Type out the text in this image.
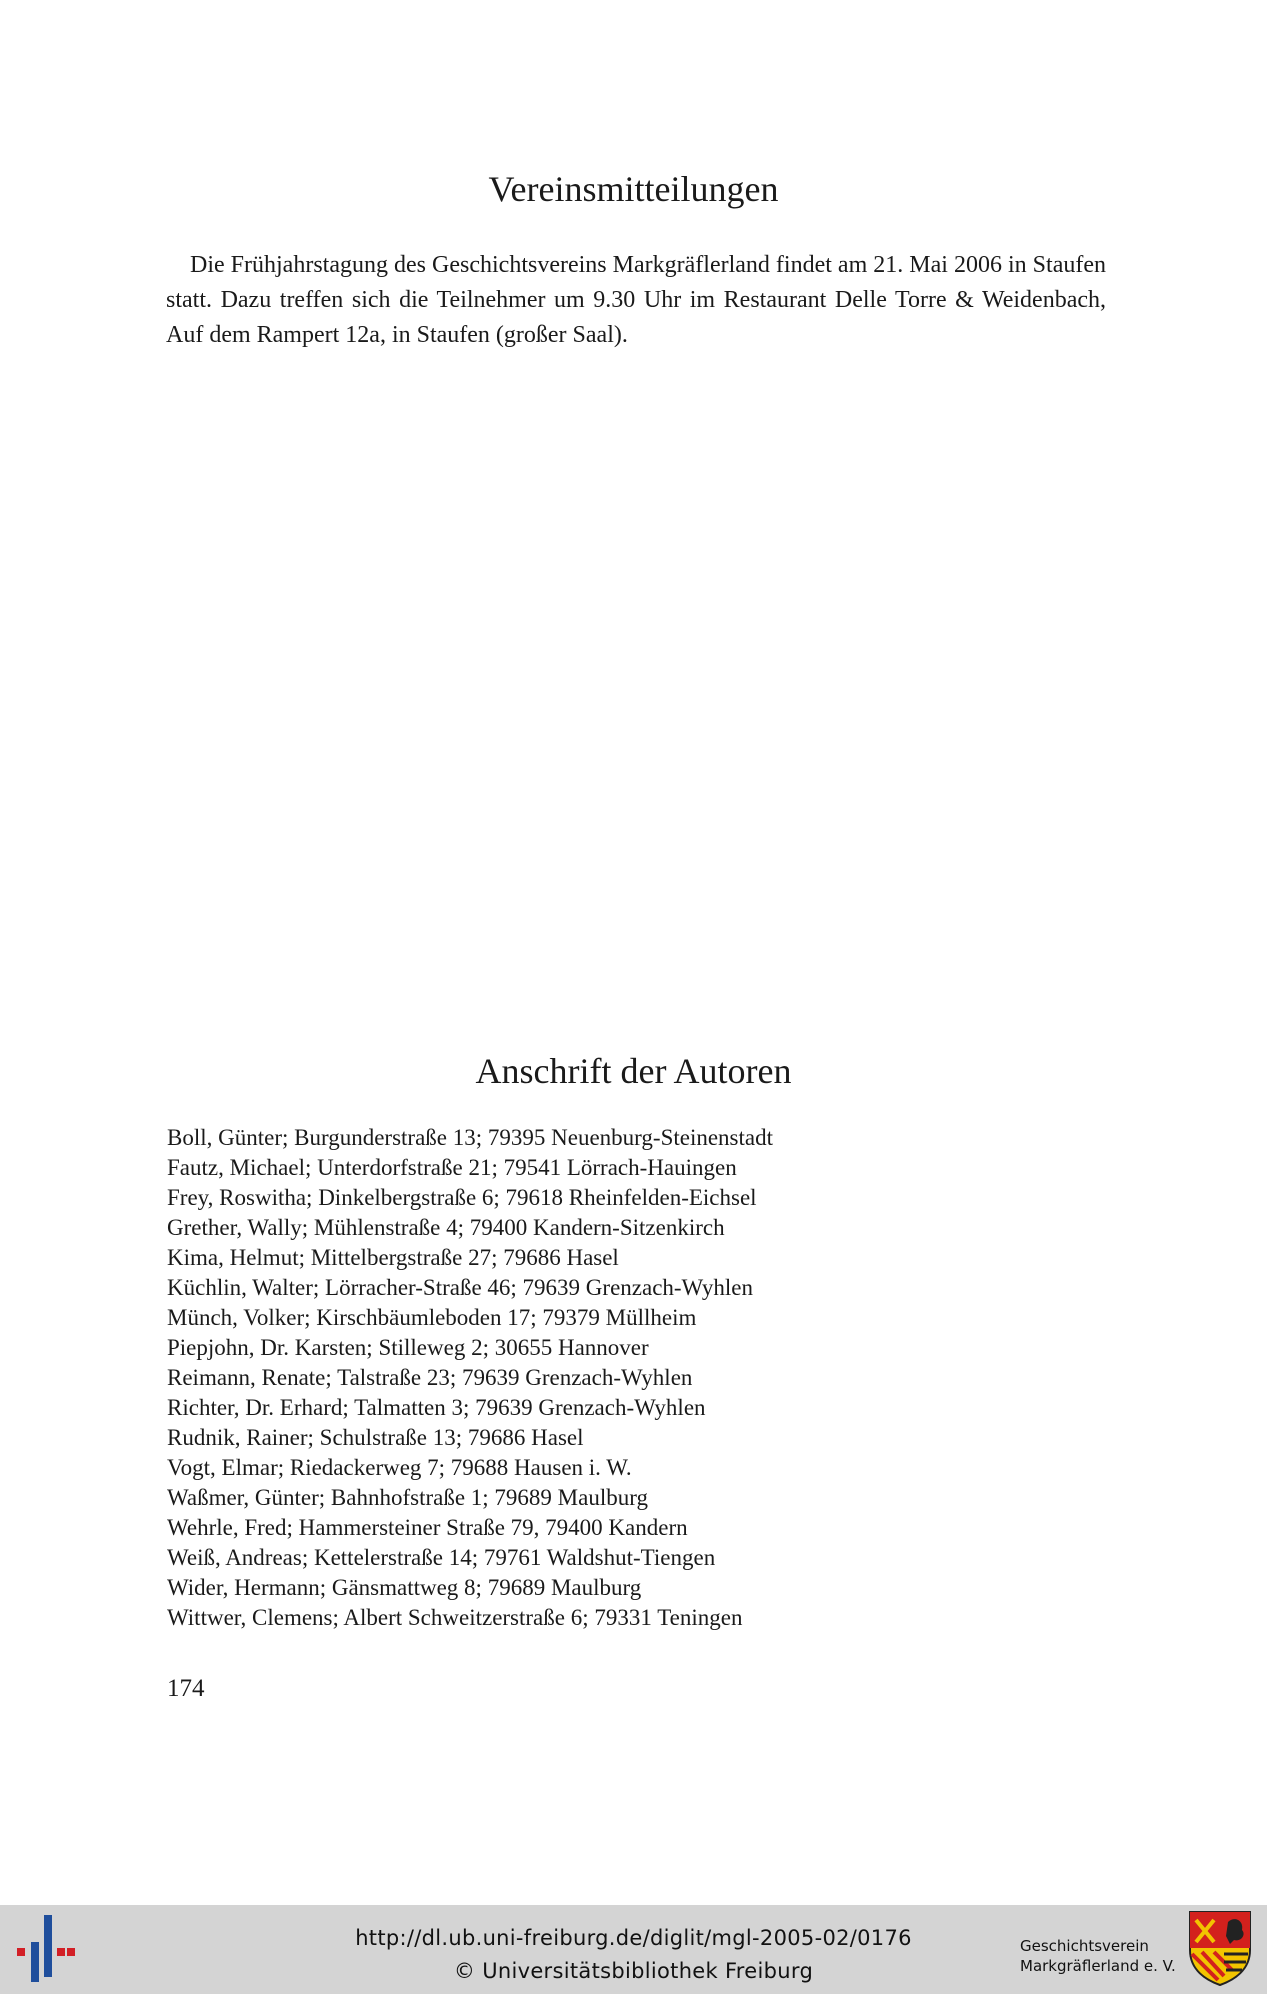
Vereinsmitteilungen

Die Frühjahrstagung des Geschichtsvereins Markgräflerland findet am 21. Mai 2006 in Staufen statt. Dazu treffen sich die Teilnehmer um 9.30 Uhr im Restaurant Delle Torre & Weidenbach, Auf dem Rampert 12a, in Staufen (großer Saal).

Anschrift der Autoren
Boll, Günter; Burgunderstraße 13; 79395 Neuenburg-Steinenstadt
Fautz, Michael; Unterdorfstraße 21; 79541 Lörrach-Hauingen
Frey, Roswitha; Dinkelbergstraße 6; 79618 Rheinfelden-Eichsel
Grether, Wally; Mühlenstraße 4; 79400 Kandern-Sitzenkirch
Kima, Helmut; Mittelbergstraße 27; 79686 Hasel
Küchlin, Walter; Lörracher-Straße 46; 79639 Grenzach-Wyhlen
Münch, Volker; Kirschbäumleboden 17; 79379 Müllheim
Piepjohn, Dr. Karsten; Stilleweg 2; 30655 Hannover
Reimann, Renate; Talstraße 23; 79639 Grenzach-Wyhlen
Richter, Dr. Erhard; Talmatten 3; 79639 Grenzach-Wyhlen
Rudnik, Rainer; Schulstraße 13; 79686 Hasel
Vogt, Elmar; Riedackerweg 7; 79688 Hausen i. W.
Waßmer, Günter; Bahnhofstraße 1; 79689 Maulburg
Wehrle, Fred; Hammersteiner Straße 79, 79400 Kandern
Weiß, Andreas; Kettelerstraße 14; 79761 Waldshut-Tiengen
Wider, Hermann; Gänsmattweg 8; 79689 Maulburg
Wittwer, Clemens; Albert Schweitzerstraße 6; 79331 Teningen
174
http://dl.ub.uni-freiburg.de/diglit/mgl-2005-02/0176
© Universitätsbibliothek Freiburg
Geschichtsverein
Markgräflerland e. V.
